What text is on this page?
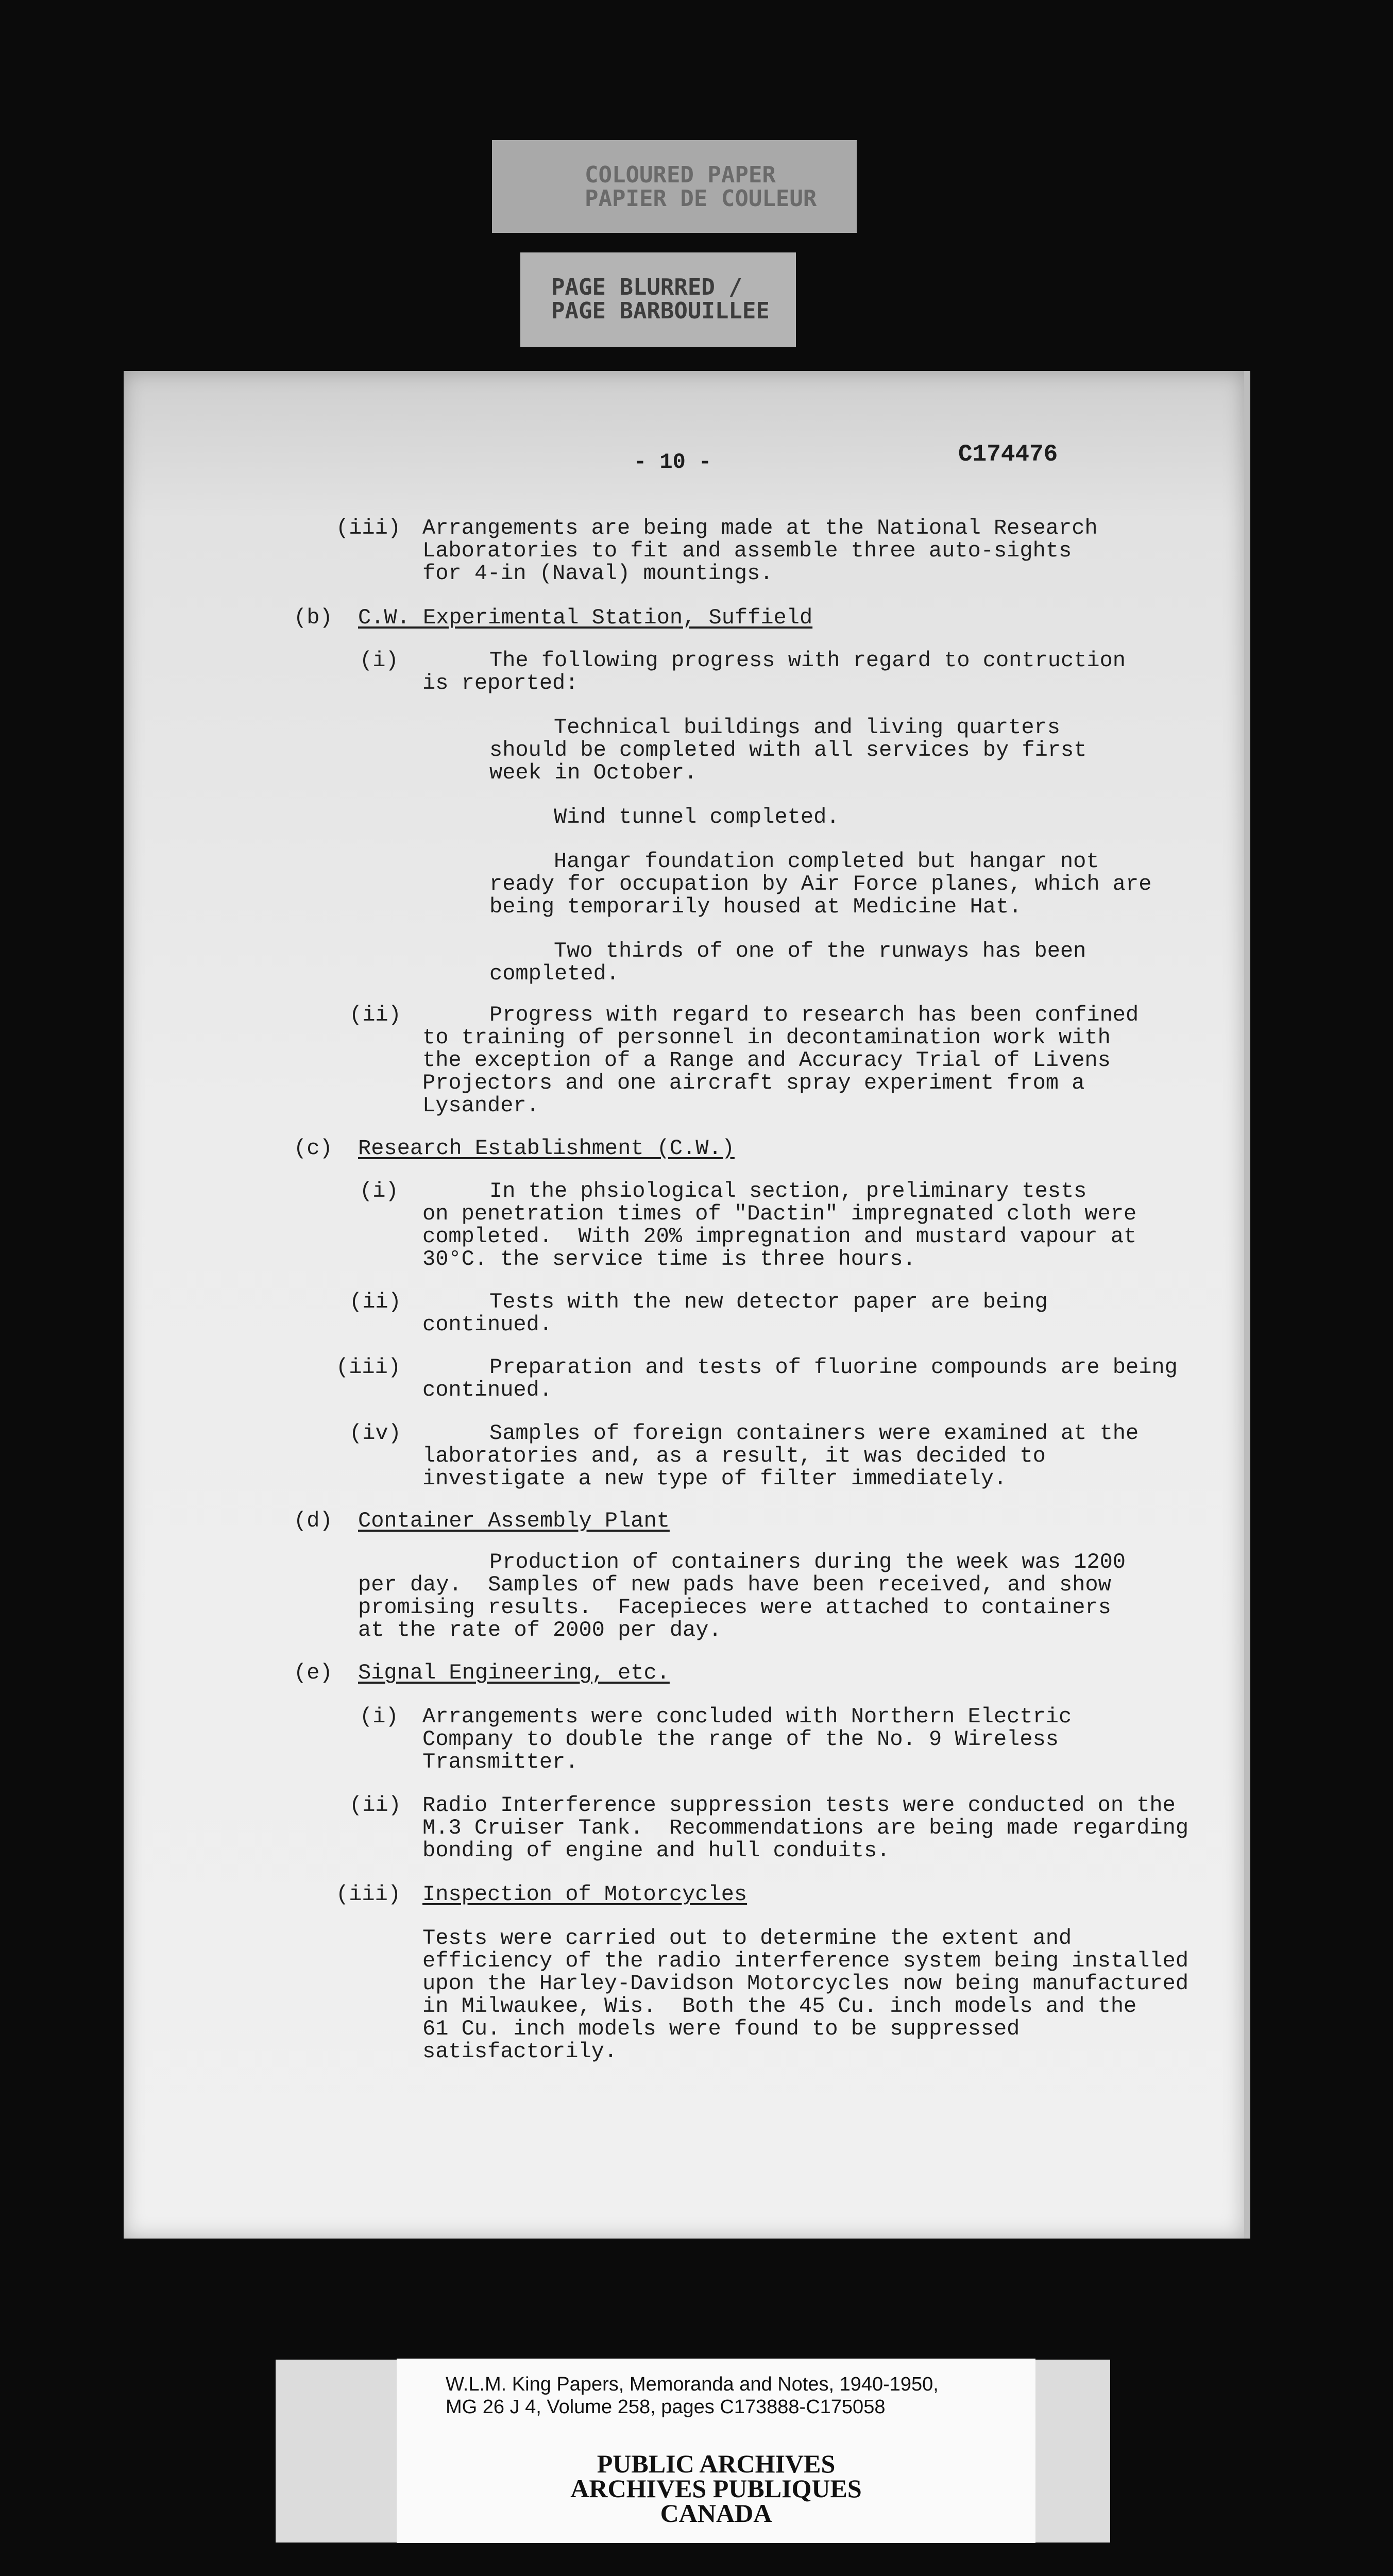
COLOURED PAPER
PAPIER DE COULEUR
PAGE BLURRED /
PAGE BARBOUILLEE
- 10 -	C174476
(iii) Arrangements are being made at the National Research
Laboratories to fit and assemble three auto-sights
for 4-in (Naval) mountings.
(b) C.W. Experimental Station, Suffield
(i)	The following progress with regard to contruction
is reported:
Technical buildings and living quarters
should be completed with all services by first
week in October.
Wind tunnel completed.
Hangar foundation completed but hangar not
ready for occupation by Air Force planes, which are
being temporarily housed at Medicine Hat.
Two thirds of one of the runways has been
completed.
(ii)	Progress with regard to research has been confined
to training of personnel in decontamination work with
the exception of a Range and Accuracy Trial of Livens
Projectors and one aircraft spray experiment from a
Lysander.
(c) Research Establishment (C.W.)
(i)	In the phsiological section, preliminary tests
on penetration times of "Dactin" impregnated cloth were
completed.  With 20% impregnation and mustard vapour at
30°C. the service time is three hours.
(ii)	Tests with the new detector paper are being
continued.
(iii)	Preparation and tests of fluorine compounds are being
continued.
(iv)	Samples of foreign containers were examined at the
laboratories and, as a result, it was decided to
investigate a new type of filter immediately.
(d) Container Assembly Plant
Production of containers during the week was 1200
per day.  Samples of new pads have been received, and show
promising results.  Facepieces were attached to containers
at the rate of 2000 per day.
(e) Signal Engineering, etc.
(i) Arrangements were concluded with Northern Electric
Company to double the range of the No. 9 Wireless
Transmitter.
(ii) Radio Interference suppression tests were conducted on the
M.3 Cruiser Tank.  Recommendations are being made regarding
bonding of engine and hull conduits.
(iii) Inspection of Motorcycles
Tests were carried out to determine the extent and
efficiency of the radio interference system being installed
upon the Harley-Davidson Motorcycles now being manufactured
in Milwaukee, Wis.  Both the 45 Cu. inch models and the
61 Cu. inch models were found to be suppressed
satisfactorily.
W.L.M. King Papers, Memoranda and Notes, 1940-1950,
MG 26 J 4, Volume 258, pages C173888-C175058
PUBLIC ARCHIVES
ARCHIVES PUBLIQUES
CANADA
